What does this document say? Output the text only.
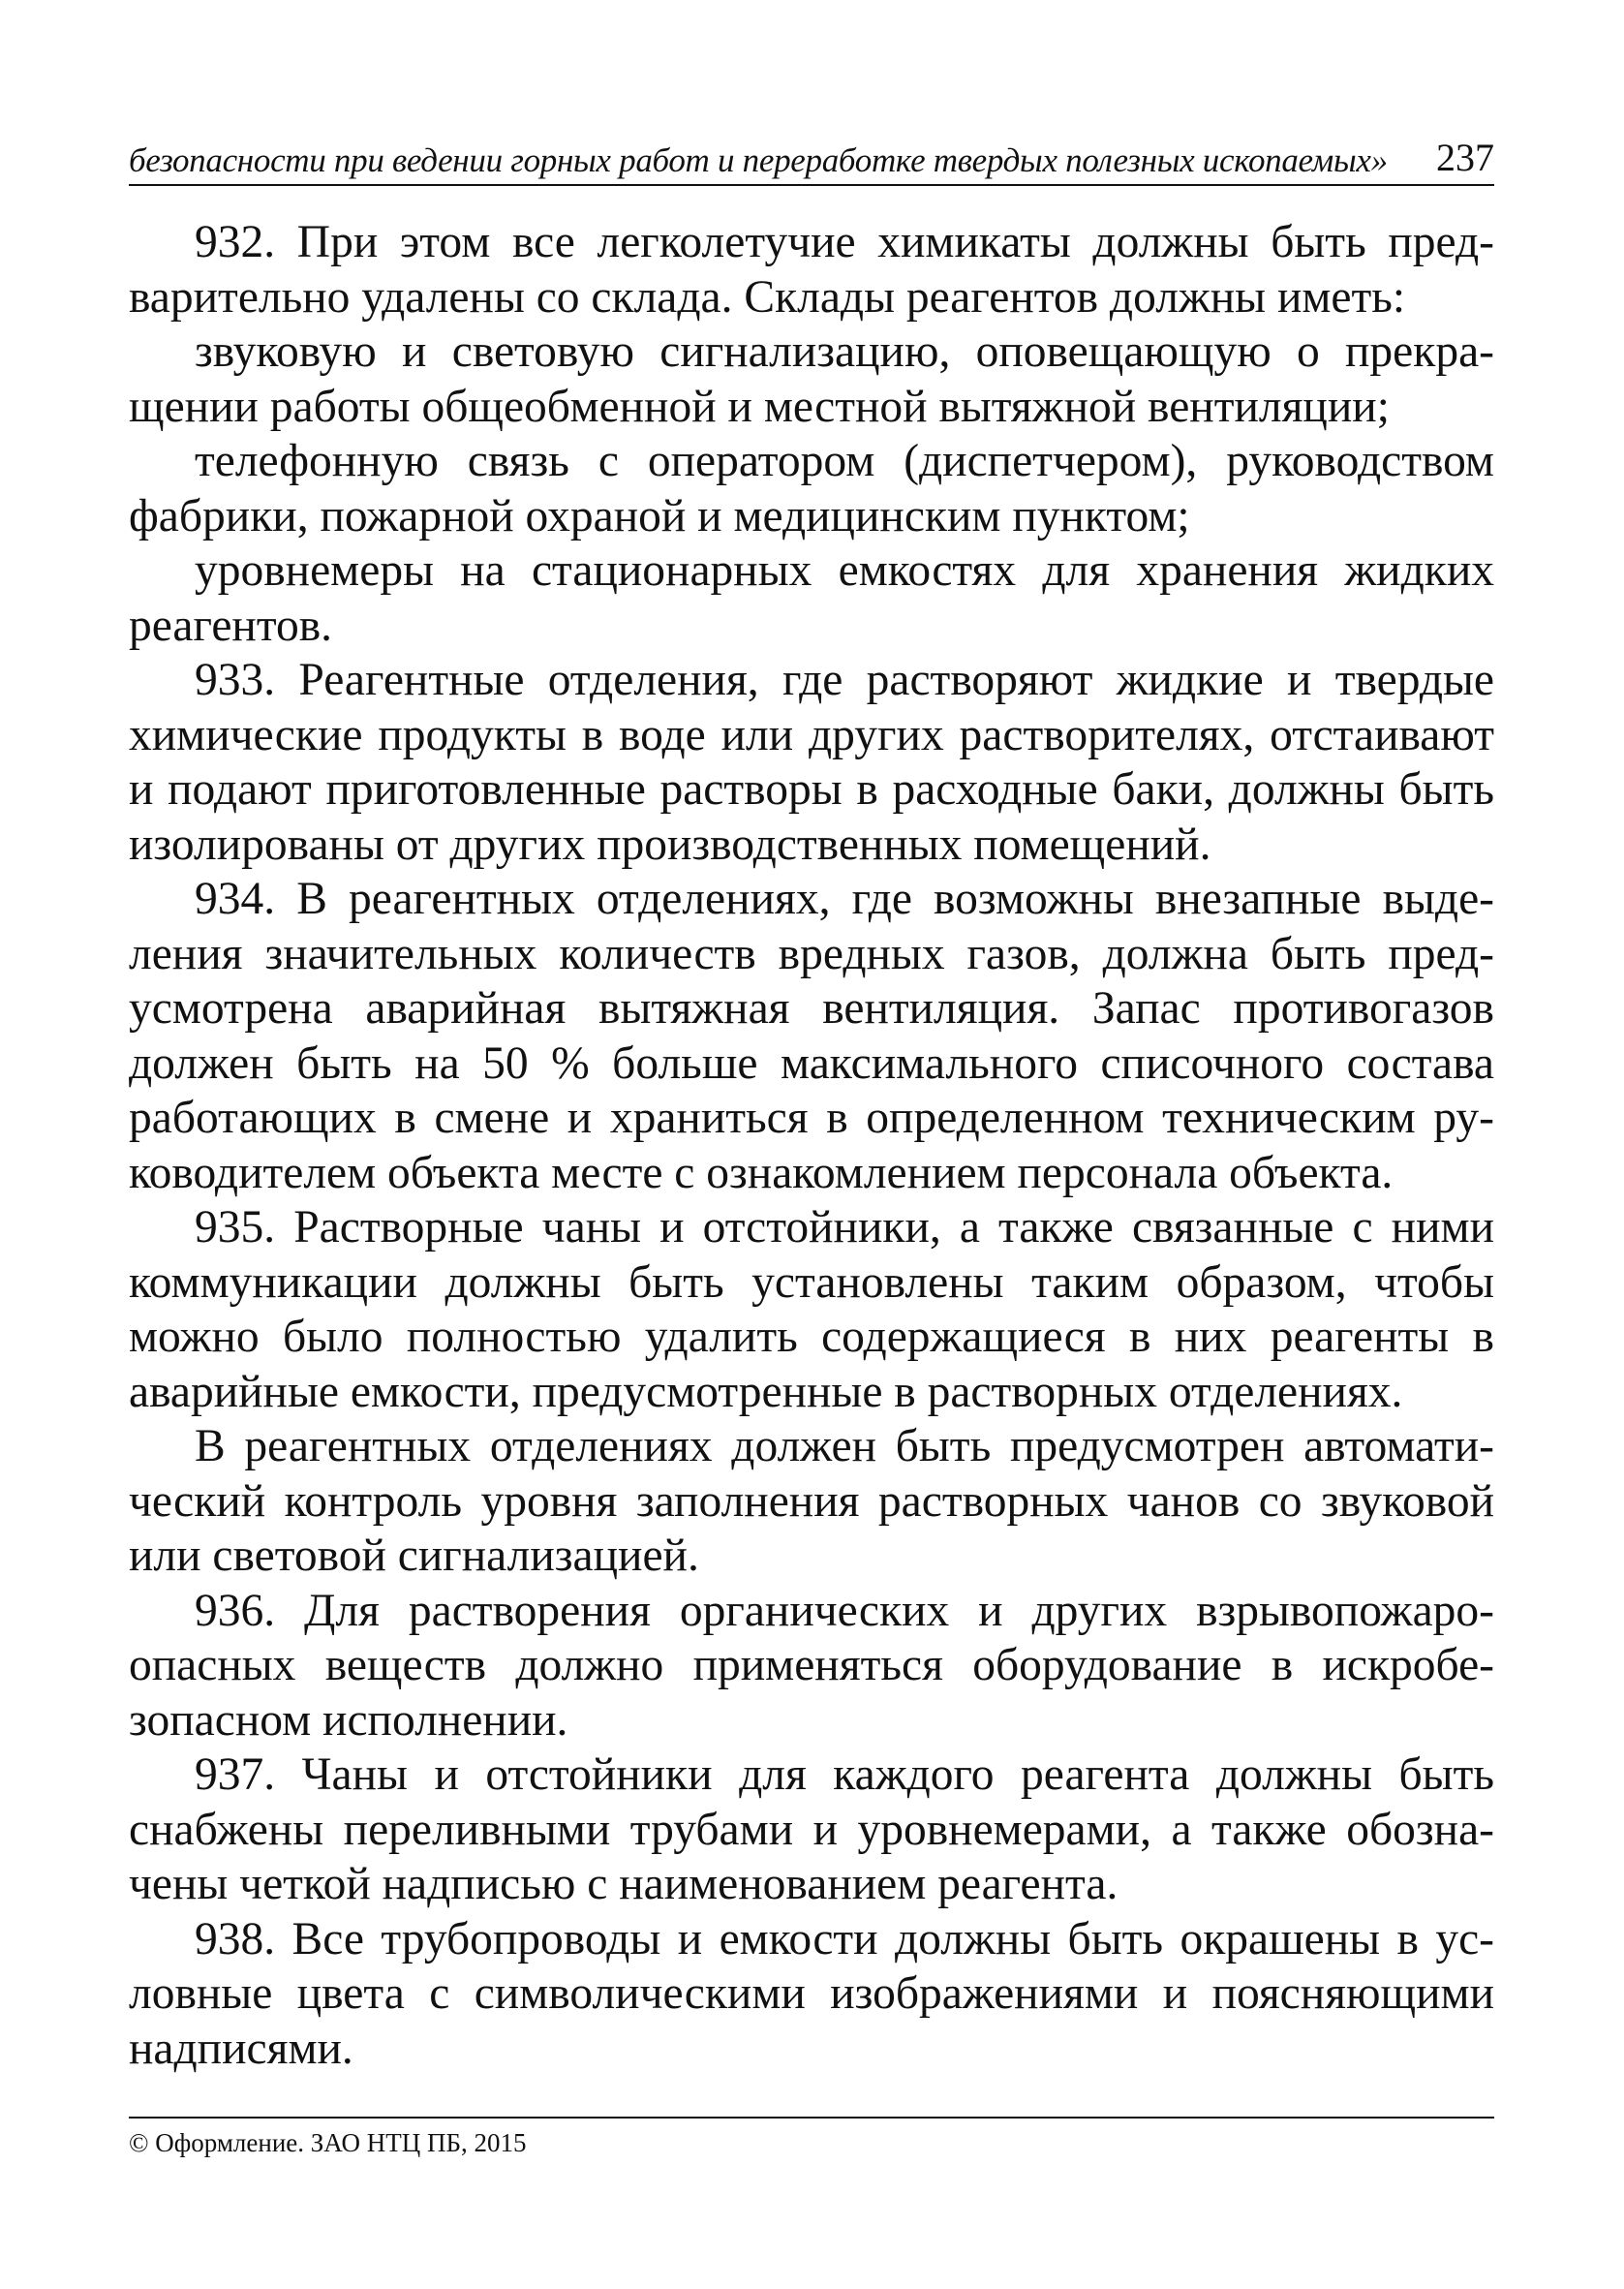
безопасности при ведении горных работ и переработке твердых полезных ископаемых» 237

932. При этом все легколетучие химикаты должны быть предварительно удалены со склада. Склады реагентов должны иметь:

звуковую и световую сигнализацию, оповещающую о прекращении работы общеобменной и местной вытяжной вентиляции;

телефонную связь с оператором (диспетчером), руководством фабрики, пожарной охраной и медицинским пунктом;

уровнемеры на стационарных емкостях для хранения жидких реагентов.

933. Реагентные отделения, где растворяют жидкие и твердые химические продукты в воде или других растворителях, отстаивают и подают приготовленные растворы в расходные баки, должны быть изолированы от других производственных помещений.

934. В реагентных отделениях, где возможны внезапные выделения значительных количеств вредных газов, должна быть предусмотрена аварийная вытяжная вентиляция. Запас противогазов должен быть на 50 % больше максимального списочного состава работающих в смене и храниться в определенном техническим руководителем объекта месте с ознакомлением персонала объекта.

935. Растворные чаны и отстойники, а также связанные с ними коммуникации должны быть установлены таким образом, чтобы можно было полностью удалить содержащиеся в них реагенты в аварийные емкости, предусмотренные в растворных отделениях.

В реагентных отделениях должен быть предусмотрен автоматический контроль уровня заполнения растворных чанов со звуковой или световой сигнализацией.

936. Для растворения органических и других взрывопожароопасных веществ должно применяться оборудование в искробезопасном исполнении.

937. Чаны и отстойники для каждого реагента должны быть снабжены переливными трубами и уровнемерами, а также обозначены четкой надписью с наименованием реагента.

938. Все трубопроводы и емкости должны быть окрашены в условные цвета с символическими изображениями и поясняющими надписями.

© Оформление. ЗАО НТЦ ПБ, 2015
